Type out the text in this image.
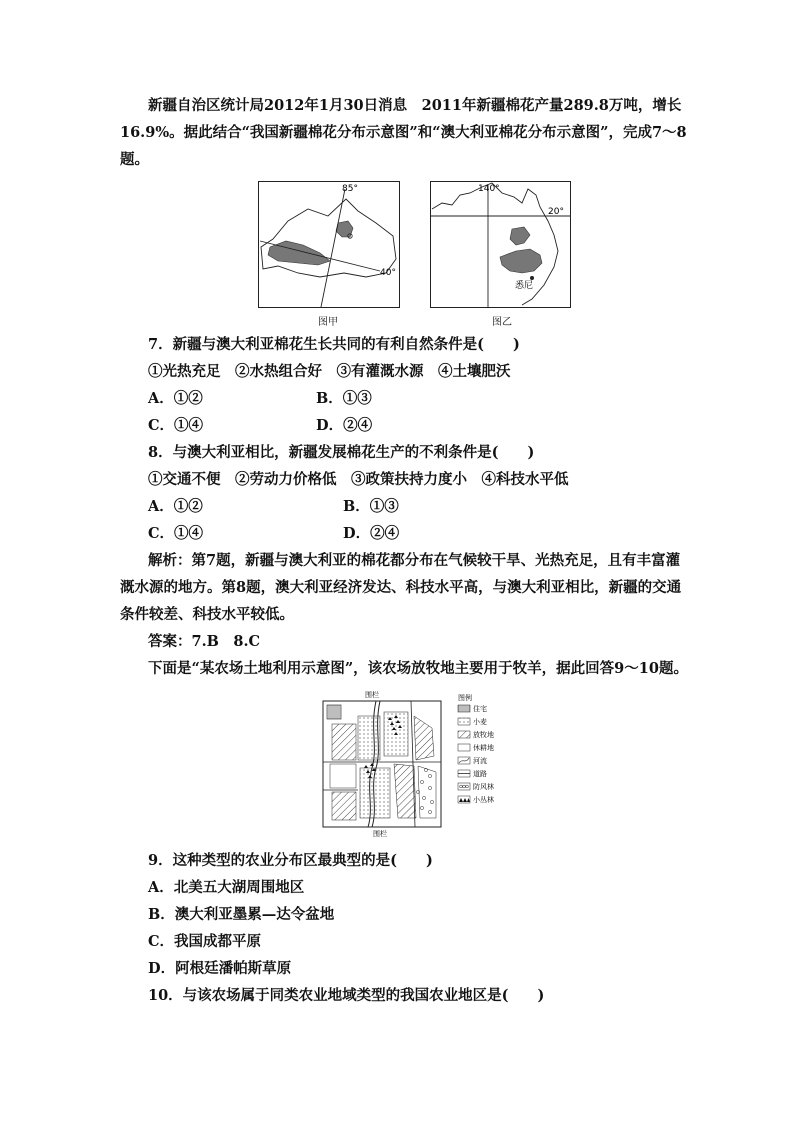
新疆自治区统计局2012年1月30日消息　2011年新疆棉花产量289.8万吨，增长
16.9%。据此结合“我国新疆棉花分布示意图”和“澳大利亚棉花分布示意图”，完成7～8
题。
85°
40°
图甲
140°
20°
悉尼
图乙
7．新疆与澳大利亚棉花生长共同的有利自然条件是(　　)
①光热充足　②水热组合好　③有灌溉水源　④土壤肥沃
A．①②	B．①③
C．①④	D．②④
8．与澳大利亚相比，新疆发展棉花生产的不利条件是(　　)
①交通不便　②劳动力价格低　③政策扶持力度小　④科技水平低
A．①②	B．①③
C．①④	D．②④
解析：第7题，新疆与澳大利亚的棉花都分布在气候较干旱、光热充足，且有丰富灌
溉水源的地方。第8题，澳大利亚经济发达、科技水平高，与澳大利亚相比，新疆的交通
条件较差、科技水平较低。
答案：7.B　8.C
下面是“某农场土地利用示意图”，该农场放牧地主要用于牧羊，据此回答9～10题。
围栏
围栏
图例
住宅
小麦
放牧地
休耕地
河流
道路
防风林
小丛林
9．这种类型的农业分布区最典型的是(　　)
A．北美五大湖周围地区
B．澳大利亚墨累—达令盆地
C．我国成都平原
D．阿根廷潘帕斯草原
10．与该农场属于同类农业地域类型的我国农业地区是(　　)
